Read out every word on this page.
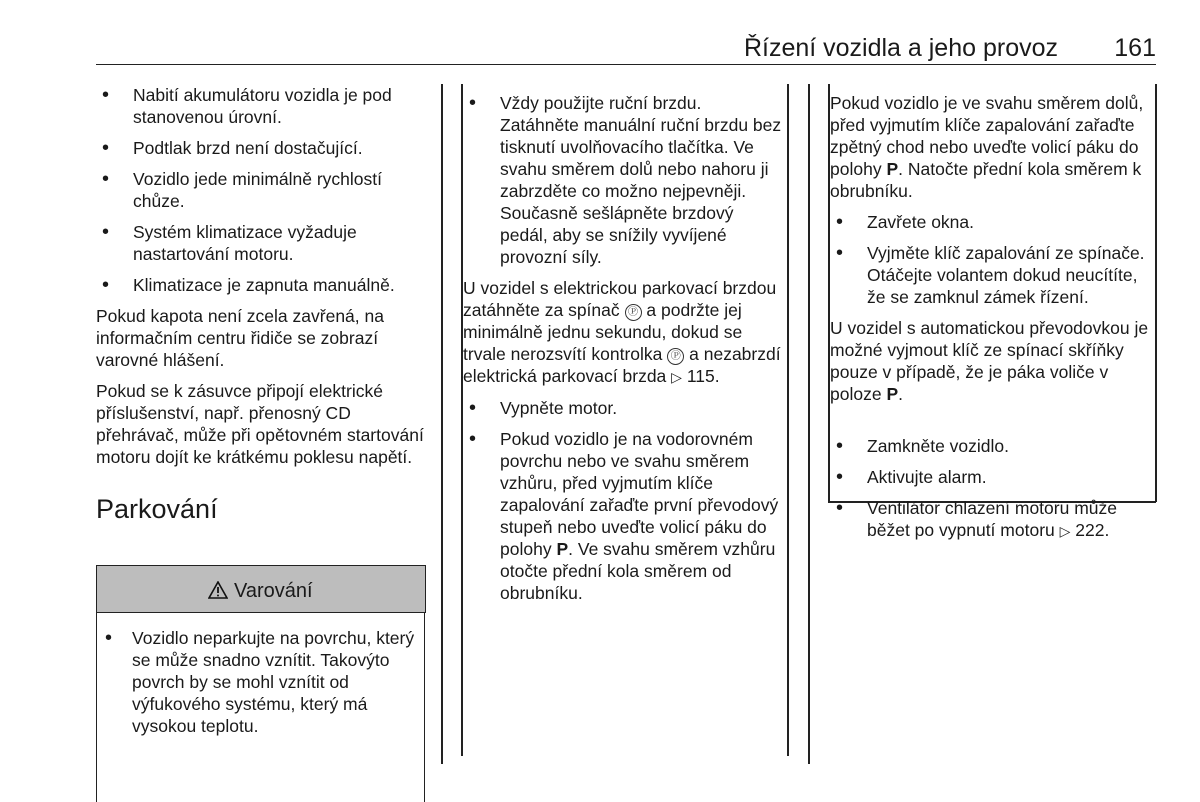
Řízení vozidla a jeho provoz 161
• Nabití akumulátoru vozidla je pod stanovenou úrovní.
• Podtlak brzd není dostačující.
• Vozidlo jede minimálně rychlostí chůze.
• Systém klimatizace vyžaduje nastartování motoru.
• Klimatizace je zapnuta manuálně.

Pokud kapota není zcela zavřená, na informačním centru řidiče se zobrazí varovné hlášení.

Pokud se k zásuvce připojí elektrické příslušenství, např. přenosný CD přehrávač, může při opětovném startování motoru dojít ke krátkému poklesu napětí.

Parkování
Varování
• Vozidlo neparkujte na povrchu, který se může snadno vznítit. Takovýto povrch by se mohl vznítit od výfukového systému, který má vysokou teplotu.
• Vždy použijte ruční brzdu. Zatáhněte manuální ruční brzdu bez tisknutí uvolňovacího tlačítka. Ve svahu směrem dolů nebo nahoru ji zabrzděte co možno nejpevněji. Současně sešlápněte brzdový pedál, aby se snížily vyvíjené provozní síly.

U vozidel s elektrickou parkovací brzdou zatáhněte za spínač Ⓟ a podržte jej minimálně jednu sekundu, dokud se trvale nerozsvítí kontrolka Ⓟ a nezabrzdí elektrická parkovací brzda ▷ 115.

• Vypněte motor.
• Pokud vozidlo je na vodorovném povrchu nebo ve svahu směrem vzhůru, před vyjmutím klíče zapalování zařaďte první převodový stupeň nebo uveďte volicí páku do polohy P. Ve svahu směrem vzhůru otočte přední kola směrem od obrubníku.

Pokud vozidlo je ve svahu směrem dolů, před vyjmutím klíče zapalování zařaďte zpětný chod nebo uveďte volicí páku do polohy P. Natočte přední kola směrem k obrubníku.

• Zavřete okna.
• Vyjměte klíč zapalování ze spínače. Otáčejte volantem dokud neucítíte, že se zamknul zámek řízení.

U vozidel s automatickou převodovkou je možné vyjmout klíč ze spínací skříňky pouze v případě, že je páka voliče v poloze P.

• Zamkněte vozidlo.
• Aktivujte alarm.
• Ventilátor chlazení motoru může běžet po vypnutí motoru ▷ 222.
